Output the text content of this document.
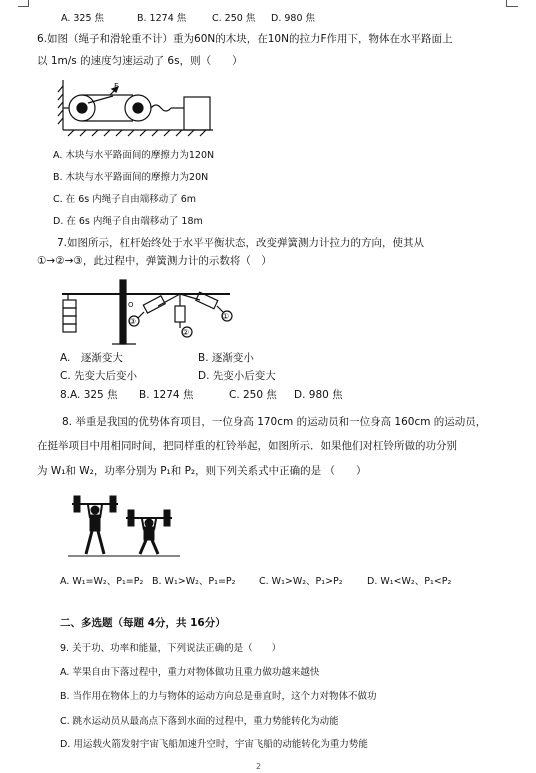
A. 325 焦	B. 1274 焦	C. 250 焦 D. 980 焦
6.如图（绳子和滑轮重不计）重为60N的木块，在10N的拉力F作用下，物体在水平路面上
以 1m/s 的速度匀速运动了 6s，则（　　）
F
A. 木块与水平路面间的摩擦力为120N
B. 木块与水平路面间的摩擦力为20N
C. 在 6s 内绳子自由端移动了 6m
D. 在 6s 内绳子自由端移动了 18m
7.如图所示，杠杆始终处于水平平衡状态，改变弹簧测力计拉力的方向，使其从
①→②→③，此过程中，弹簧测力计的示数将（　）
①
②
③
O
A.　逐渐变大	B. 逐渐变小
C. 先变大后变小	D. 先变小后变大
8.A. 325 焦 B. 1274 焦	C. 250 焦 D. 980 焦
8. 举重是我国的优势体育项目，一位身高 170cm 的运动员和一位身高 160cm 的运动员，
在挺举项目中用相同时间，把同样重的杠铃举起，如图所示．如果他们对杠铃所做的功分别
为 W₁和 W₂，功率分别为 P₁和 P₂，则下列关系式中正确的是 （　　）
A. W₁=W₂、P₁=P₂ B. W₁>W₂、P₁=P₂ C. W₁>W₂、P₁>P₂	D. W₁<W₂、P₁<P₂
二、多选题（每题 4分，共 16分）
9. 关于功、功率和能量，下列说法正确的是（　　）
A. 苹果自由下落过程中，重力对物体做功且重力做功越来越快
B. 当作用在物体上的力与物体的运动方向总是垂直时，这个力对物体不做功
C. 跳水运动员从最高点下落到水面的过程中，重力势能转化为动能
D. 用运载火箭发射宇宙飞船加速升空时，宇宙飞船的动能转化为重力势能
2
